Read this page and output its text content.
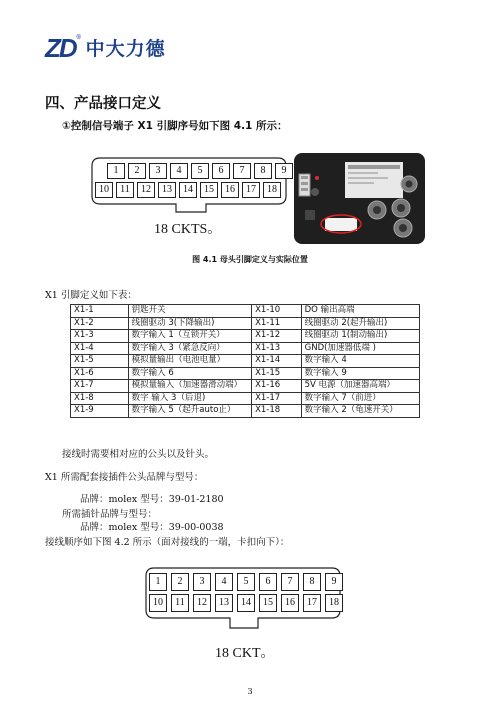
ZD ®
中大力德
四、产品接口定义
①控制信号端子 X1 引脚序号如下图 4.1 所示：
1	2	3	4	5	6	7	8	9
10	11	12	13	14	15	16	17	18
18 CKTS。
图 4.1 母头引脚定义与实际位置
X1 引脚定义如下表：
X1-1	钥匙开关	X1-10	DO 输出高端
X1-2	线圈驱动 3(下降输出)	X1-11	线圈驱动 2(起升输出)
X1-3	数字输入 1（互锁开关）	X1-12	线圈驱动 1(制动输出)
X1-4	数字输入 3（紧急反向）	X1-13	GND(加速器低端 )
X1-5	模拟量输出（电池电量）	X1-14	数字输入 4
X1-6	数字输入 6	X1-15	数字输入 9
X1-7	模拟量输入（加速器滑动端）	X1-16	5V 电源（加速器高端）
X1-8	数字 输入 3（后退)	X1-17	数字输入 7（前进）
X1-9	数字输入 5（起升auto止）	X1-18	数字输入 2（龟速开关）
接线时需要相对应的公头以及针头。
X1 所需配套接插件公头品牌与型号：
品牌：molex 型号：39-01-2180
所需插针品牌与型号：
品牌：molex 型号：39-00-0038
接线顺序如下图 4.2 所示（面对接线的一端，卡扣向下）：
1	2	3	4	5	6	7	8	9
10	11	12	13	14	15	16	17	18
18 CKT。
3
